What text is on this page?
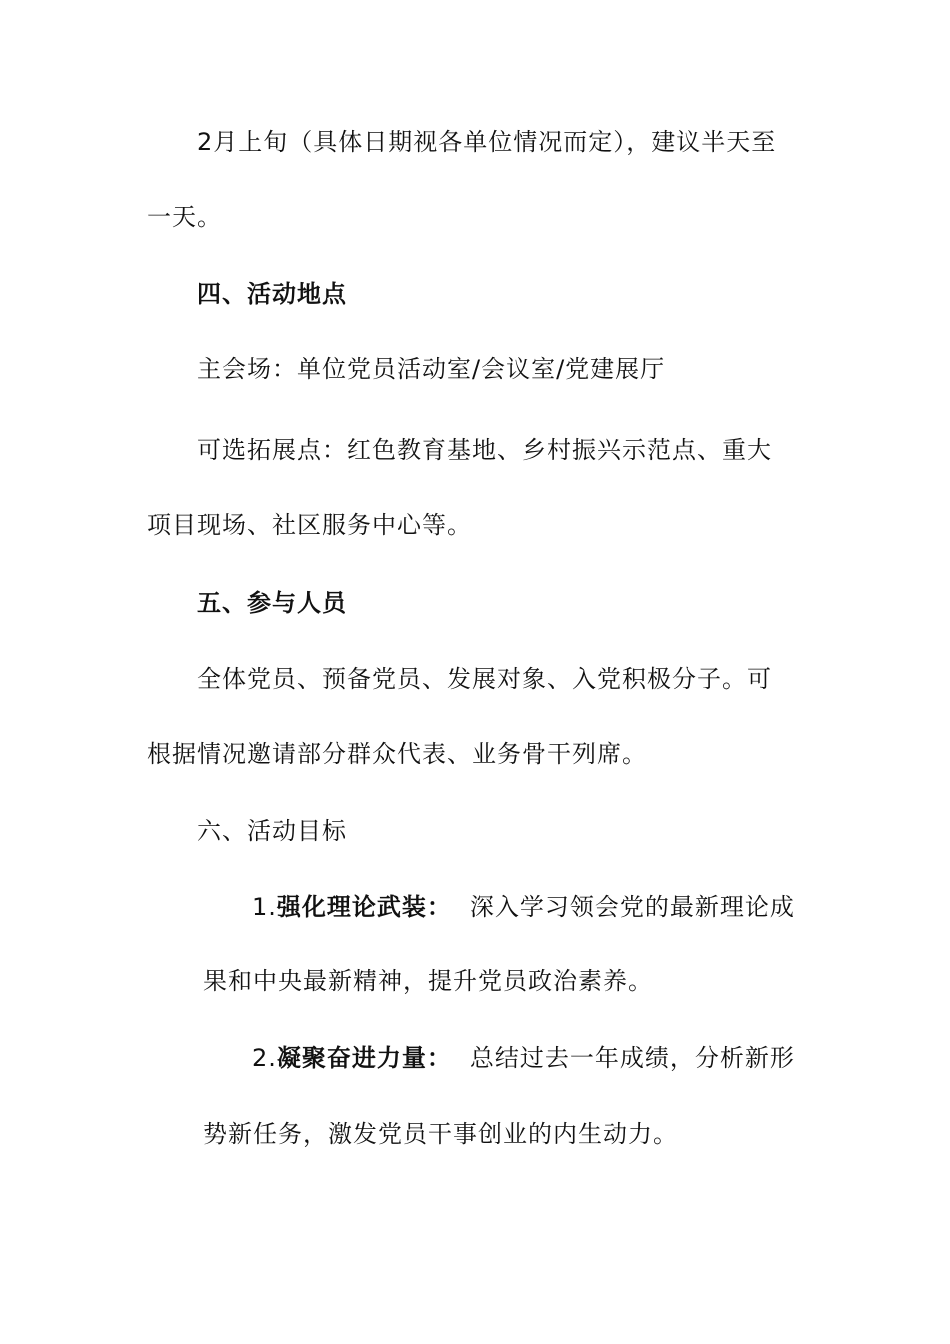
2月上旬（具体日期视各单位情况而定），建议半天至
一天。
四、活动地点
主会场：单位党员活动室/会议室/党建展厅
可选拓展点：红色教育基地、乡村振兴示范点、重大
项目现场、社区服务中心等。
五、参与人员
全体党员、预备党员、发展对象、入党积极分子。可
根据情况邀请部分群众代表、业务骨干列席。
六、活动目标
1.强化理论武装： 深入学习领会党的最新理论成
果和中央最新精神，提升党员政治素养。
2.凝聚奋进力量： 总结过去一年成绩，分析新形
势新任务，激发党员干事创业的内生动力。
